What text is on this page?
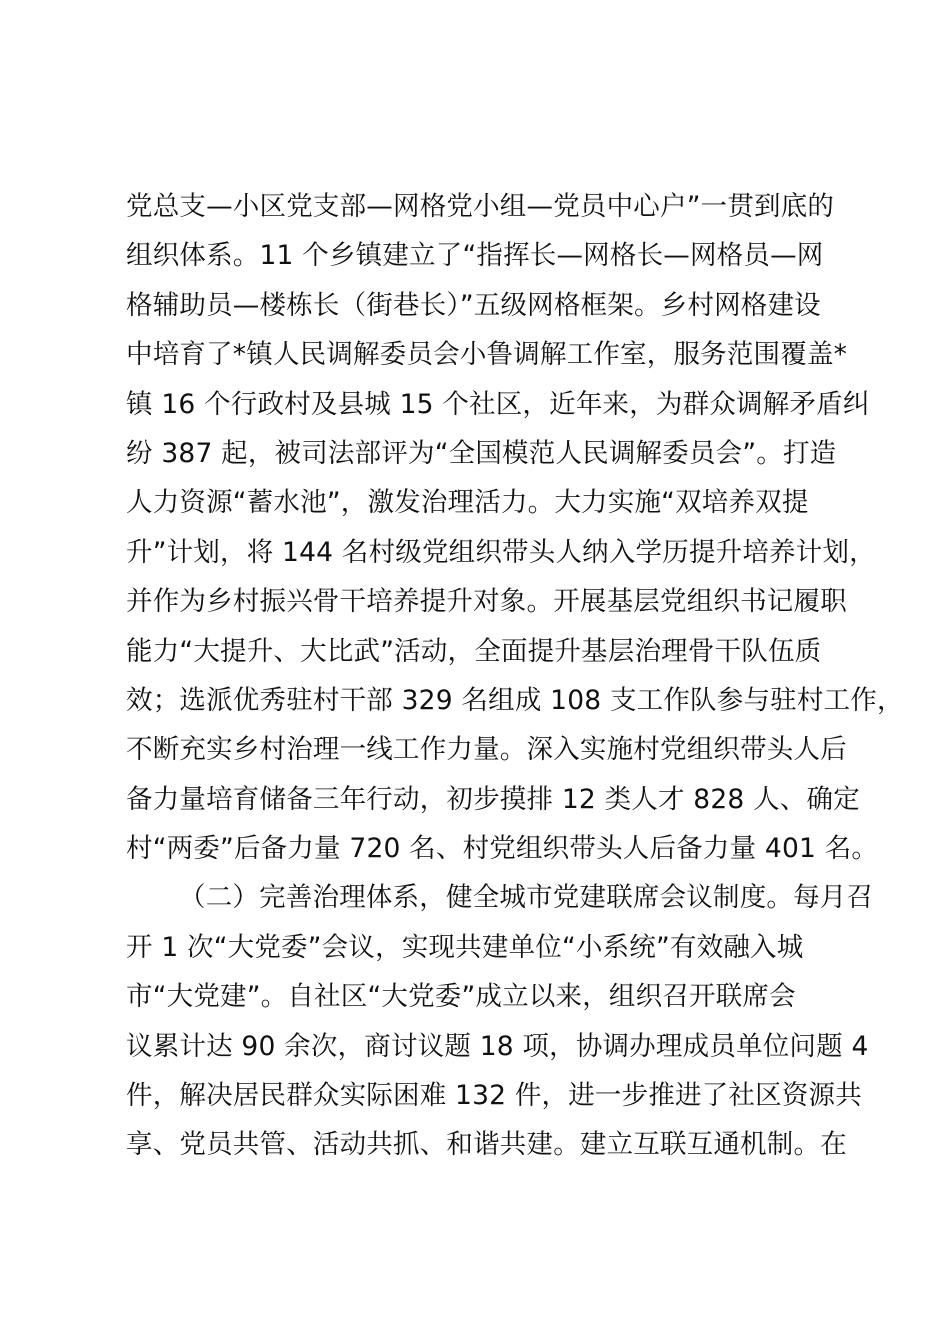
党总支—小区党支部—网格党小组—党员中心户”一贯到底的
组织体系。11 个乡镇建立了“指挥长—网格长—网格员—网
格辅助员—楼栋长（街巷长）”五级网格框架。乡村网格建设
中培育了*镇人民调解委员会小鲁调解工作室，服务范围覆盖*
镇 16 个行政村及县城 15 个社区，近年来，为群众调解矛盾纠
纷 387 起，被司法部评为“全国模范人民调解委员会”。打造
人力资源“蓄水池”，激发治理活力。大力实施“双培养双提
升”计划，将 144 名村级党组织带头人纳入学历提升培养计划，
并作为乡村振兴骨干培养提升对象。开展基层党组织书记履职
能力“大提升、大比武”活动，全面提升基层治理骨干队伍质
效；选派优秀驻村干部 329 名组成 108 支工作队参与驻村工作，
不断充实乡村治理一线工作力量。深入实施村党组织带头人后
备力量培育储备三年行动，初步摸排 12 类人才 828 人、确定
村“两委”后备力量 720 名、村党组织带头人后备力量 401 名。
（二）完善治理体系，健全城市党建联席会议制度。每月召
开 1 次“大党委”会议，实现共建单位“小系统”有效融入城
市“大党建”。自社区“大党委”成立以来，组织召开联席会
议累计达 90 余次，商讨议题 18 项，协调办理成员单位问题 4
件，解决居民群众实际困难 132 件，进一步推进了社区资源共
享、党员共管、活动共抓、和谐共建。建立互联互通机制。在
